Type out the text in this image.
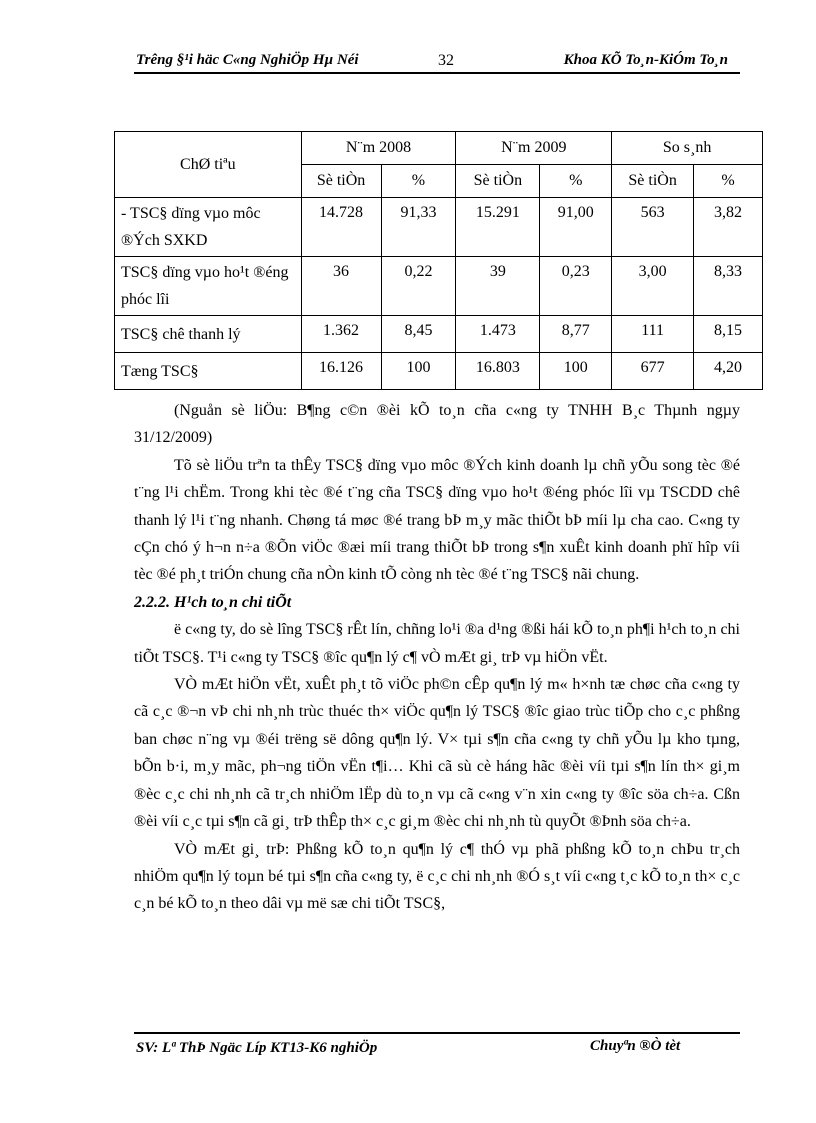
Trêng §¹i häc C«ng NghiÖp Hµ Néi	32	Khoa KÕ To¸n-KiÓm To¸n
ChØ tiªu	N¨m 2008		N¨m 2009		So s¸nh	
	Sè tiÒn	%	Sè tiÒn	%	Sè tiÒn	%
- TSC§ dïng vµo môc ®Ých SXKD	14.728	91,33	15.291	91,00	563	3,82
TSC§ dïng vµo ho¹t ®éng phóc lîi	36	0,22	39	0,23	3,00	8,33
TSC§ chê thanh lý	1.362	8,45	1.473	8,77	111	8,15
Tæng TSC§	16.126	100	16.803	100	677	4,20

(Nguån sè liÖu: B¶ng c©n ®èi kÕ to¸n cña c«ng ty TNHH B¸c Thµnh ngµy 31/12/2009)

Tõ sè liÖu trªn ta thÊy TSC§ dïng vµo môc ®Ých kinh doanh lµ chñ yÕu song tèc ®é t¨ng l¹i chËm. Trong khi tèc ®é t¨ng cña TSC§ dïng vµo ho¹t ®éng phóc lîi vµ TSCDD chê thanh lý l¹i t¨ng nhanh. Chøng tá møc ®é trang bÞ m¸y mãc thiÕt bÞ míi lµ cha cao. C«ng ty cÇn chó ý h¬n n÷a ®Õn viÖc ®æi míi trang thiÕt bÞ trong s¶n xuÊt kinh doanh phï hîp víi tèc ®é ph¸t triÓn chung cña nÒn kinh tÕ còng nh tèc ®é t¨ng TSC§ nãi chung.

2.2.2. H¹ch to¸n chi tiÕt

ë c«ng ty, do sè lîng TSC§ rÊt lín, chñng lo¹i ®a d¹ng ®ßi hái kÕ to¸n ph¶i h¹ch to¸n chi tiÕt TSC§. T¹i c«ng ty TSC§ ®îc qu¶n lý c¶ vÒ mÆt gi¸ trÞ vµ hiÖn vËt.

VÒ mÆt hiÖn vËt, xuÊt ph¸t tõ viÖc ph©n cÊp qu¶n lý m« h×nh tæ chøc cña c«ng ty cã c¸c ®¬n vÞ chi nh¸nh trùc thuéc th× viÖc qu¶n lý TSC§ ®îc giao trùc tiÕp cho c¸c phßng ban chøc n¨ng vµ ®éi trëng së dông qu¶n lý. V× tµi s¶n cña c«ng ty chñ yÕu lµ kho tµng, bÕn b·i, m¸y mãc, ph¬ng tiÖn vËn t¶i… Khi cã sù cè háng hãc ®èi víi tµi s¶n lín th× gi¸m ®èc c¸c chi nh¸nh cã tr¸ch nhiÖm lËp dù to¸n vµ cã c«ng v¨n xin c«ng ty ®îc söa ch÷a. Cßn ®èi víi c¸c tµi s¶n cã gi¸ trÞ thÊp th× c¸c gi¸m ®èc chi nh¸nh tù quyÕt ®Þnh söa ch÷a.

VÒ mÆt gi¸ trÞ: Phßng kÕ to¸n qu¶n lý c¶ thÓ vµ phã phßng kÕ to¸n chÞu tr¸ch nhiÖm qu¶n lý toµn bé tµi s¶n cña c«ng ty, ë c¸c chi nh¸nh ®Ó s¸t víi c«ng t¸c kÕ to¸n th× c¸c c¸n bé kÕ to¸n theo dâi vµ më sæ chi tiÕt TSC§,

SV: Lª ThÞ Ngäc Líp KT13-K6 nghiÖp	Chuyªn ®Ò tèt
